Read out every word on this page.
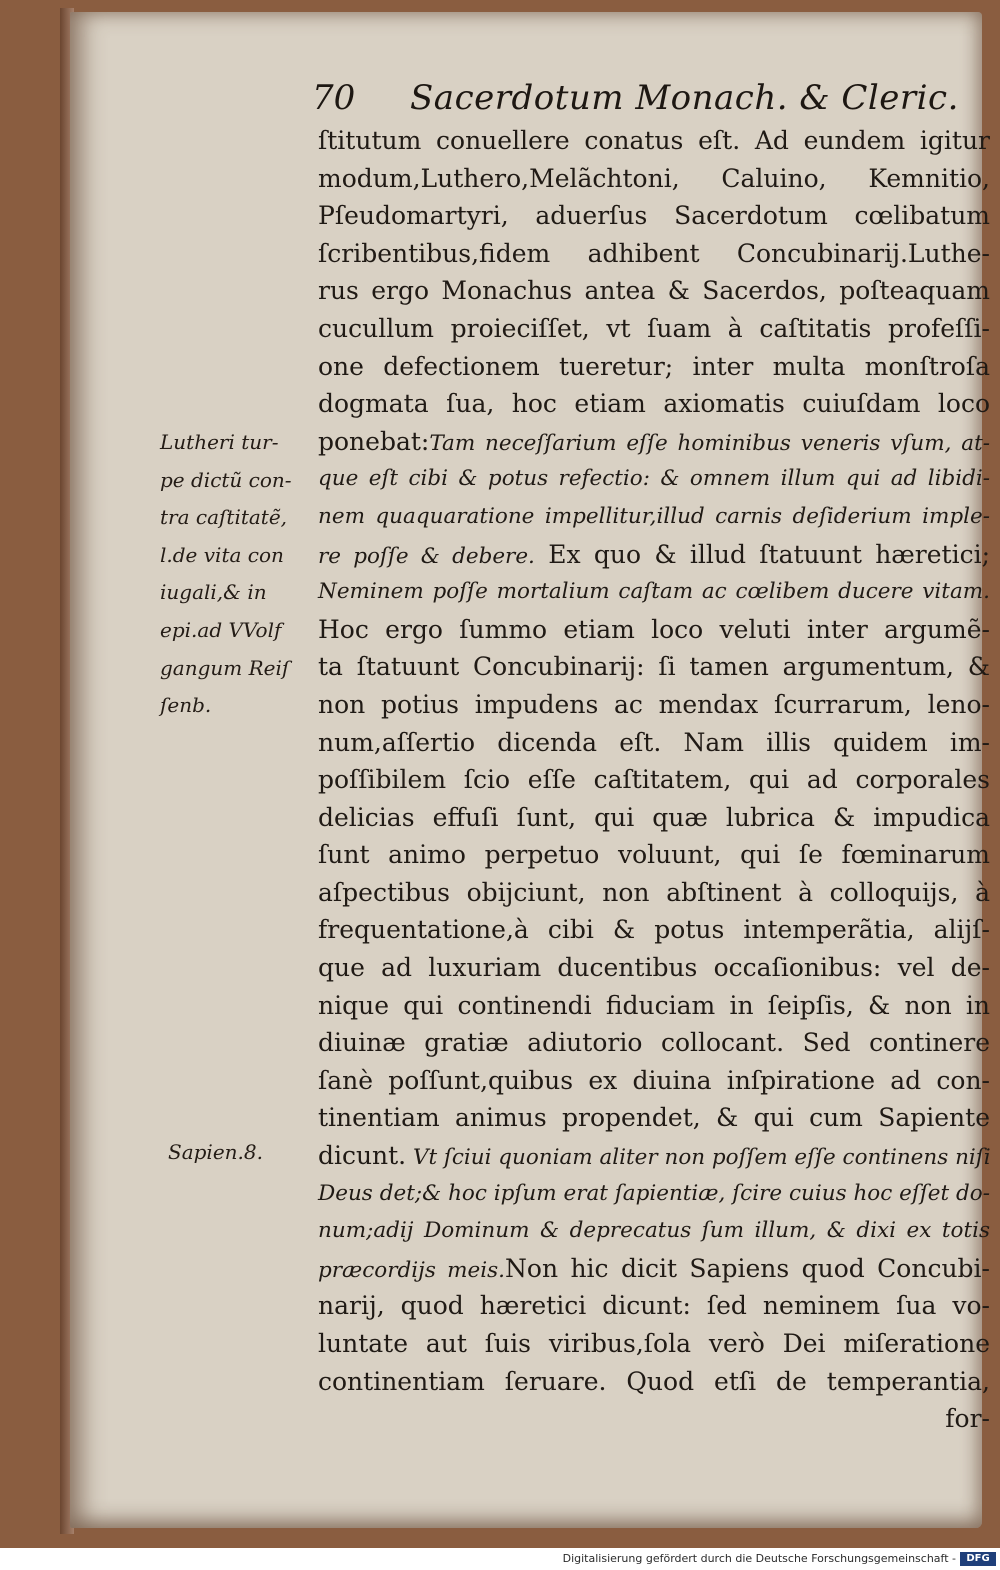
70 Sacerdotum Monach. & Cleric.
ſtitutum conuellere conatus eſt. Ad eundem igitur
modum,Luthero,Melãchtoni, Caluino, Kemnitio,
Pſeudomartyri, aduerſus Sacerdotum cœlibatum
ſcribentibus,fidem adhibent Concubinarij.Luthe-
rus ergo Monachus antea & Sacerdos, poſteaquam
cucullum proieciſſet, vt ſuam à caſtitatis profeſſi-
one defectionem tueretur; inter multa monſtroſa
dogmata ſua, hoc etiam axiomatis cuiuſdam loco
ponebat:Tam neceſſarium eſſe hominibus veneris vſum, at-
que eſt cibi & potus refectio: & omnem illum qui ad libidi-
nem quaquaratione impellitur,illud carnis deſiderium imple-
re poſſe & debere. Ex quo & illud ſtatuunt hæretici;
Neminem poſſe mortalium caſtam ac cœlibem ducere vitam.
Hoc ergo ſummo etiam loco veluti inter argumẽ-
ta ſtatuunt Concubinarij: ſi tamen argumentum, &
non potius impudens ac mendax ſcurrarum, leno-
num,aſſertio dicenda eſt. Nam illis quidem im-
poſſibilem ſcio eſſe caſtitatem, qui ad corporales
delicias effuſi ſunt, qui quæ lubrica & impudica
ſunt animo perpetuo voluunt, qui ſe fœminarum
aſpectibus obijciunt, non abſtinent à colloquijs, à
frequentatione,à cibi & potus intemperãtia, alijſ-
que ad luxuriam ducentibus occaſionibus: vel de-
nique qui continendi fiduciam in ſeipſis, & non in
diuinæ gratiæ adiutorio collocant. Sed continere
ſanè poſſunt,quibus ex diuina inſpiratione ad con-
tinentiam animus propendet, & qui cum Sapiente
dicunt. Vt ſciui quoniam aliter non poſſem eſſe continens niſi
Deus det;& hoc ipſum erat ſapientiæ, ſcire cuius hoc eſſet do-
num;adij Dominum & deprecatus ſum illum, & dixi ex totis
præcordijs meis.Non hic dicit Sapiens quod Concubi-
narij, quod hæretici dicunt: ſed neminem ſua vo-
luntate aut ſuis viribus,ſola verò Dei miſeratione
continentiam ſeruare. Quod etſi de temperantia,
for-
Lutheri tur-
pe dictũ con-
tra caſtitatẽ,
l.de vita con
iugali,& in
epi.ad VVolf
gangum Reiſ
ſenb.
Sapien.8.
Digitalisierung gefördert durch die Deutsche Forschungsgemeinschaft -	DFG
